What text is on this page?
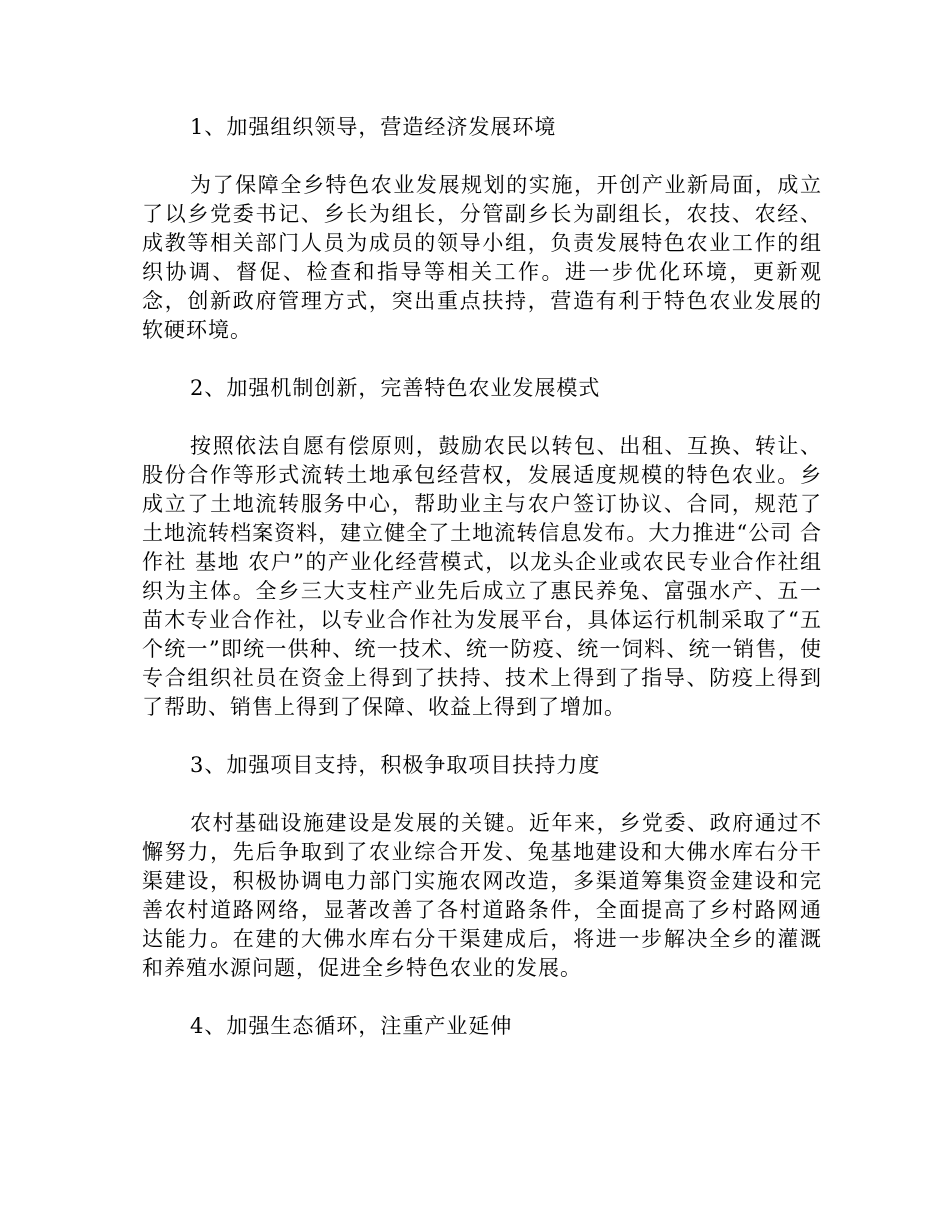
1、加强组织领导，营造经济发展环境

为了保障全乡特色农业发展规划的实施，开创产业新局面，成立了以乡党委书记、乡长为组长，分管副乡长为副组长，农技、农经、成教等相关部门人员为成员的领导小组，负责发展特色农业工作的组织协调、督促、检查和指导等相关工作。进一步优化环境，更新观念，创新政府管理方式，突出重点扶持，营造有利于特色农业发展的软硬环境。

2、加强机制创新，完善特色农业发展模式

按照依法自愿有偿原则，鼓励农民以转包、出租、互换、转让、股份合作等形式流转土地承包经营权，发展适度规模的特色农业。乡成立了土地流转服务中心，帮助业主与农户签订协议、合同，规范了土地流转档案资料，建立健全了土地流转信息发布。大力推进“公司 合作社 基地 农户”的产业化经营模式，以龙头企业或农民专业合作社组织为主体。全乡三大支柱产业先后成立了惠民养兔、富强水产、五一苗木专业合作社，以专业合作社为发展平台，具体运行机制采取了“五个统一”即统一供种、统一技术、统一防疫、统一饲料、统一销售，使专合组织社员在资金上得到了扶持、技术上得到了指导、防疫上得到了帮助、销售上得到了保障、收益上得到了增加。

3、加强项目支持，积极争取项目扶持力度

农村基础设施建设是发展的关键。近年来，乡党委、政府通过不懈努力，先后争取到了农业综合开发、兔基地建设和大佛水库右分干渠建设，积极协调电力部门实施农网改造，多渠道筹集资金建设和完善农村道路网络，显著改善了各村道路条件，全面提高了乡村路网通达能力。在建的大佛水库右分干渠建成后，将进一步解决全乡的灌溉和养殖水源问题，促进全乡特色农业的发展。

4、加强生态循环，注重产业延伸
